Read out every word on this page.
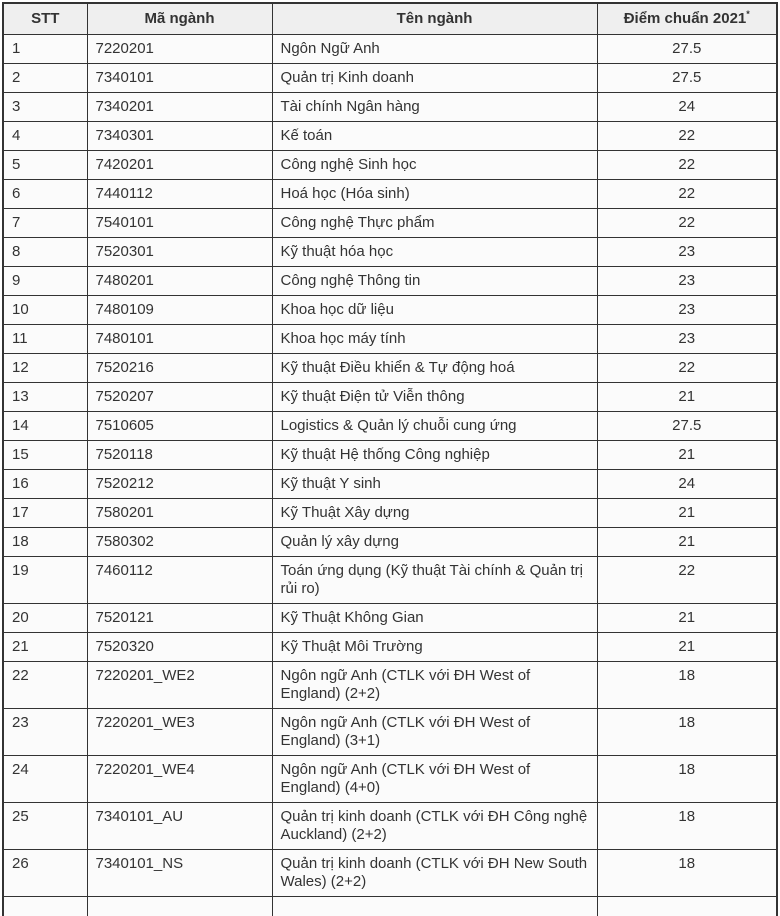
STT	Mã ngành	Tên ngành	Điểm chuẩn 2021*
1	7220201	Ngôn Ngữ Anh	27.5
2	7340101	Quản trị Kinh doanh	27.5
3	7340201	Tài chính Ngân hàng	24
4	7340301	Kế toán	22
5	7420201	Công nghệ Sinh học	22
6	7440112	Hoá học (Hóa sinh)	22
7	7540101	Công nghệ Thực phẩm	22
8	7520301	Kỹ thuật hóa học	23
9	7480201	Công nghệ Thông tin	23
10	7480109	Khoa học dữ liệu	23
11	7480101	Khoa học máy tính	23
12	7520216	Kỹ thuật Điều khiển & Tự động hoá	22
13	7520207	Kỹ thuật Điện tử Viễn thông	21
14	7510605	Logistics & Quản lý chuỗi cung ứng	27.5
15	7520118	Kỹ thuật Hệ thống Công nghiệp	21
16	7520212	Kỹ thuật Y sinh	24
17	7580201	Kỹ Thuật Xây dựng	21
18	7580302	Quản lý xây dựng	21
19	7460112	Toán ứng dụng (Kỹ thuật Tài chính & Quản trị rủi ro)	22
20	7520121	Kỹ Thuật Không Gian	21
21	7520320	Kỹ Thuật Môi Trường	21
22	7220201_WE2	Ngôn ngữ Anh (CTLK với ĐH West of England) (2+2)	18
23	7220201_WE3	Ngôn ngữ Anh (CTLK với ĐH West of England) (3+1)	18
24	7220201_WE4	Ngôn ngữ Anh (CTLK với ĐH West of England) (4+0)	18
25	7340101_AU	Quản trị kinh doanh (CTLK với ĐH Công nghệ Auckland) (2+2)	18
26	7340101_NS	Quản trị kinh doanh (CTLK với ĐH New South Wales) (2+2)	18
